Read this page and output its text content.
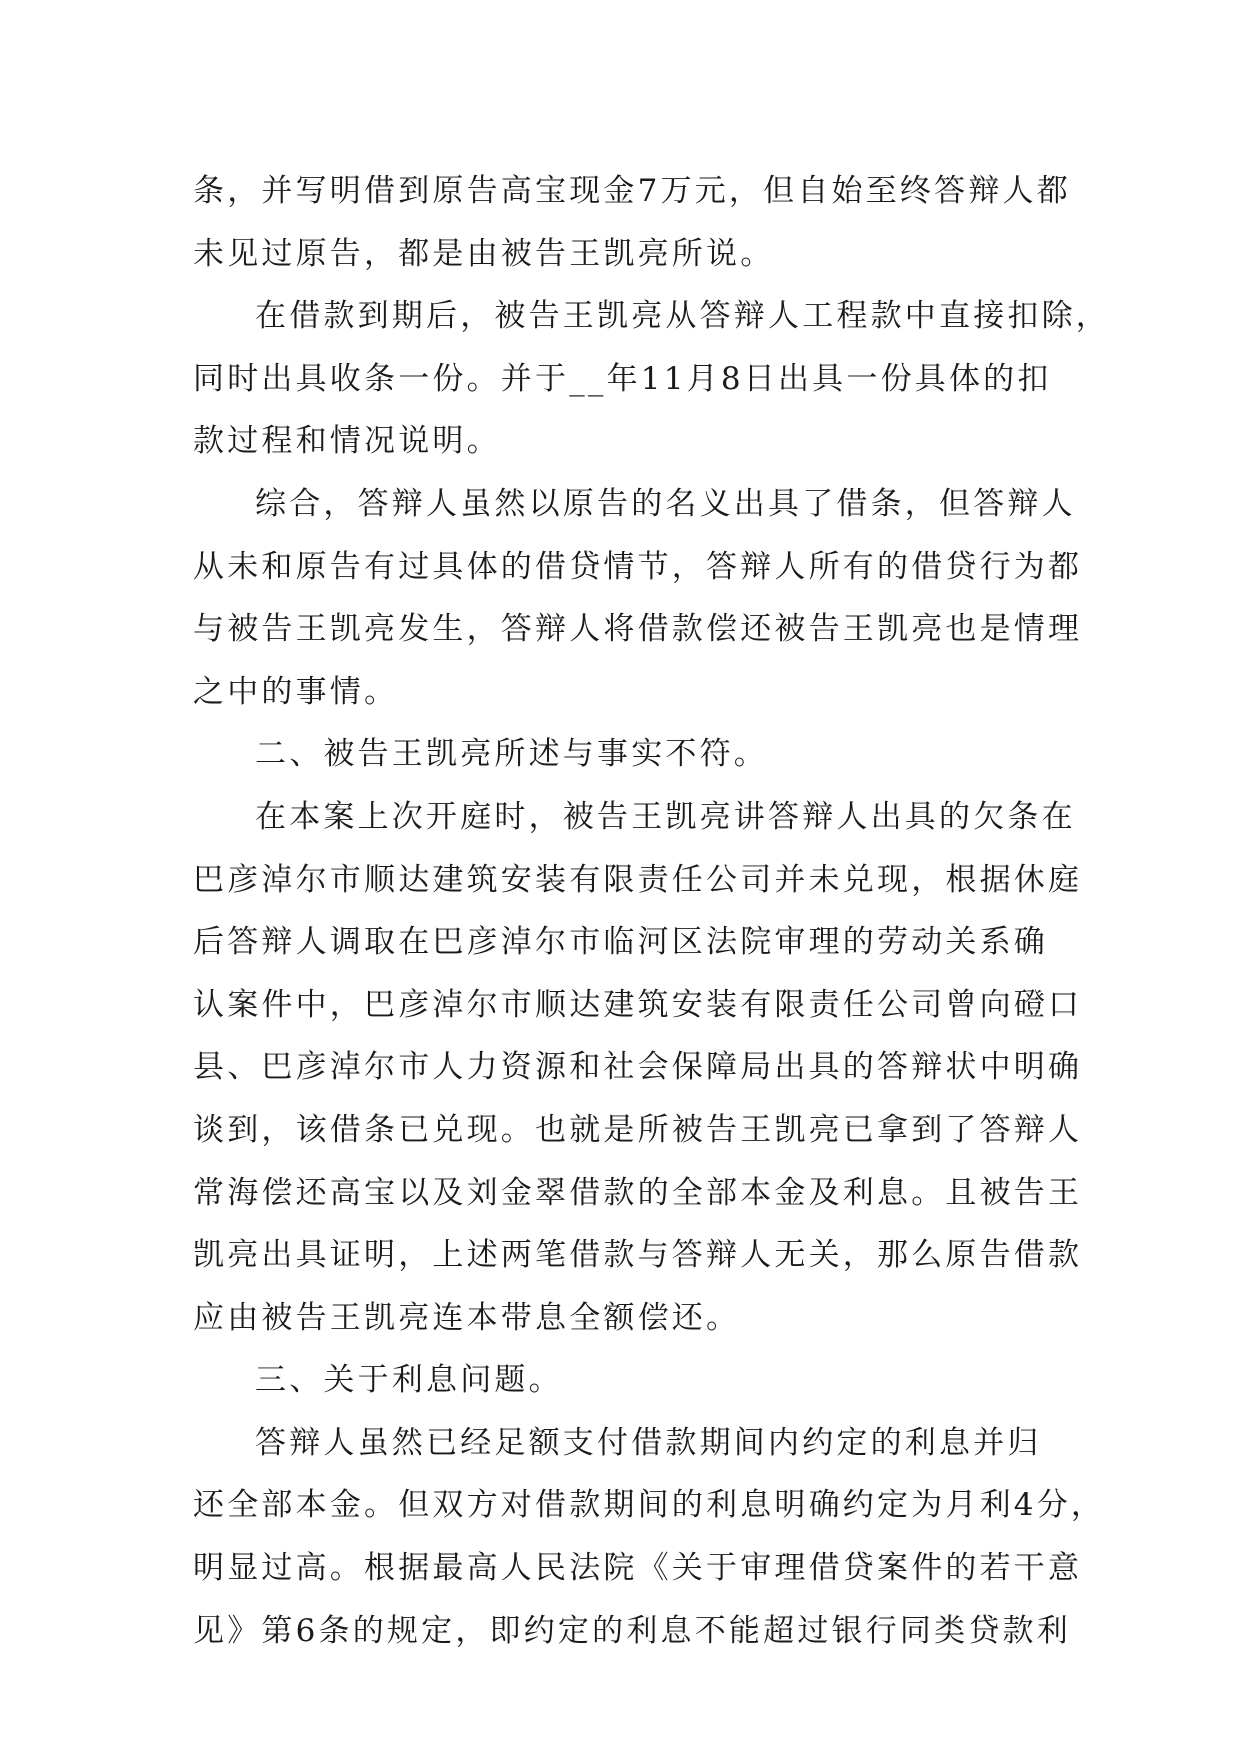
条，并写明借到原告高宝现金7万元，但自始至终答辩人都
未见过原告，都是由被告王凯亮所说。
在借款到期后，被告王凯亮从答辩人工程款中直接扣除，
同时出具收条一份。并于__年11月8日出具一份具体的扣
款过程和情况说明。
综合，答辩人虽然以原告的名义出具了借条，但答辩人
从未和原告有过具体的借贷情节，答辩人所有的借贷行为都
与被告王凯亮发生，答辩人将借款偿还被告王凯亮也是情理
之中的事情。
二、被告王凯亮所述与事实不符。
在本案上次开庭时，被告王凯亮讲答辩人出具的欠条在
巴彦淖尔市顺达建筑安装有限责任公司并未兑现，根据休庭
后答辩人调取在巴彦淖尔市临河区法院审理的劳动关系确
认案件中，巴彦淖尔市顺达建筑安装有限责任公司曾向磴口
县、巴彦淖尔市人力资源和社会保障局出具的答辩状中明确
谈到，该借条已兑现。也就是所被告王凯亮已拿到了答辩人
常海偿还高宝以及刘金翠借款的全部本金及利息。且被告王
凯亮出具证明，上述两笔借款与答辩人无关，那么原告借款
应由被告王凯亮连本带息全额偿还。
三、关于利息问题。
答辩人虽然已经足额支付借款期间内约定的利息并归
还全部本金。但双方对借款期间的利息明确约定为月利4分，
明显过高。根据最高人民法院《关于审理借贷案件的若干意
见》第6条的规定，即约定的利息不能超过银行同类贷款利
